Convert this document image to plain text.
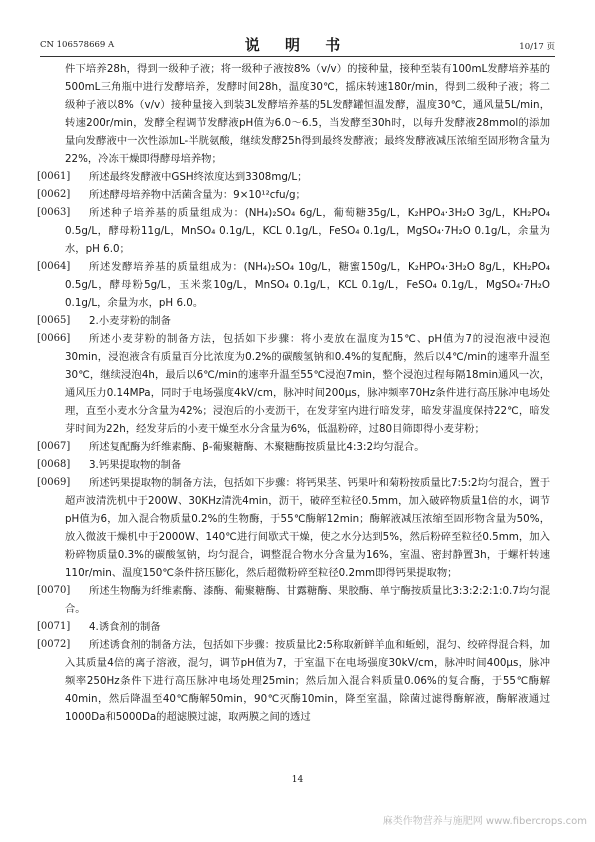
CN 106578669 A	说 明 书	10/17 页

件下培养28h，得到一级种子液；将一级种子液按8%（v/v）的接种量，接种至装有100mL发酵培养基的500mL三角瓶中进行发酵培养，发酵时间28h，温度30℃，摇床转速180r/min，得到二级种子液；将二级种子液以8%（v/v）接种量接入到装3L发酵培养基的5L发酵罐恒温发酵，温度30℃，通风量5L/min，转速200r/min，发酵全程调节发酵液pH值为6.0～6.5，当发酵至30h时，以每升发酵液28mmol的添加量向发酵液中一次性添加L-半胱氨酸，继续发酵25h得到最终发酵液；最终发酵液减压浓缩至固形物含量为22%，冷冻干燥即得酵母培养物；

[0061]	所述最终发酵液中GSH终浓度达到3308mg/L；

[0062]	所述酵母培养物中活菌含量为：9×10¹²cfu/g；

[0063]	所述种子培养基的质量组成为：(NH₄)₂SO₄ 6g/L，葡萄糖35g/L，K₂HPO₄·3H₂O 3g/L，KH₂PO₄ 0.5g/L，酵母粉11g/L，MnSO₄ 0.1g/L，KCL 0.1g/L，FeSO₄ 0.1g/L，MgSO₄·7H₂O 0.1g/L，余量为水，pH 6.0；

[0064]	所述发酵培养基的质量组成为：(NH₄)₂SO₄ 10g/L，糖蜜150g/L，K₂HPO₄·3H₂O 8g/L，KH₂PO₄ 0.5g/L，酵母粉5g/L，玉米浆10g/L，MnSO₄ 0.1g/L，KCL 0.1g/L，FeSO₄ 0.1g/L，MgSO₄·7H₂O 0.1g/L，余量为水，pH 6.0。

[0065]	2.小麦芽粉的制备

[0066]	所述小麦芽粉的制备方法，包括如下步骤：将小麦放在温度为15℃、pH值为7的浸泡液中浸泡30min，浸泡液含有质量百分比浓度为0.2%的碳酸氢钠和0.4%的复配酶，然后以4℃/min的速率升温至30℃，继续浸泡4h，最后以6℃/min的速率升温至55℃浸泡7min，整个浸泡过程每隔18min通风一次，通风压力0.14MPa，同时于电场强度4kV/cm，脉冲时间200μs，脉冲频率70Hz条件进行高压脉冲电场处理，直至小麦水分含量为42%；浸泡后的小麦沥干，在发芽室内进行暗发芽，暗发芽温度保持22℃，暗发芽时间为22h，经发芽后的小麦干燥至水分含量为6%，低温粉碎，过80目筛即得小麦芽粉；

[0067]	所述复配酶为纤维素酶、β-葡聚糖酶、木聚糖酶按质量比4:3:2均匀混合。

[0068]	3.钙果提取物的制备

[0069]	所述钙果提取物的制备方法，包括如下步骤：将钙果茎、钙果叶和菊粉按质量比7:5:2均匀混合，置于超声波清洗机中于200W、30KHz清洗4min，沥干，破碎至粒径0.5mm，加入破碎物质量1倍的水，调节pH值为6，加入混合物质量0.2%的生物酶，于55℃酶解12min；酶解液减压浓缩至固形物含量为50%，放入微波干燥机中于2000W、140℃进行间歇式干燥，使之水分达到5%，然后粉碎至粒径0.5mm，加入粉碎物质量0.3%的碳酸氢钠，均匀混合，调整混合物水分含量为16%，室温、密封静置3h，于螺杆转速110r/min、温度150℃条件挤压膨化，然后超微粉碎至粒径0.2mm即得钙果提取物；

[0070]	所述生物酶为纤维素酶、漆酶、葡聚糖酶、甘露糖酶、果胶酶、单宁酶按质量比3:3:2:2:1:0.7均匀混合。

[0071]	4.诱食剂的制备

[0072]	所述诱食剂的制备方法，包括如下步骤：按质量比2:5称取新鲜羊血和蚯蚓，混匀、绞碎得混合料，加入其质量4倍的离子溶液，混匀，调节pH值为7，于室温下在电场强度30kV/cm，脉冲时间400μs，脉冲频率250Hz条件下进行高压脉冲电场处理25min；然后加入混合料质量0.06%的复合酶，于55℃酶解40min，然后降温至40℃酶解50min，90℃灭酶10min，降至室温，除菌过滤得酶解液，酶解液通过1000Da和5000Da的超滤膜过滤，取两膜之间的透过

14
麻类作物营养与施肥网 www.fibercrops.com
